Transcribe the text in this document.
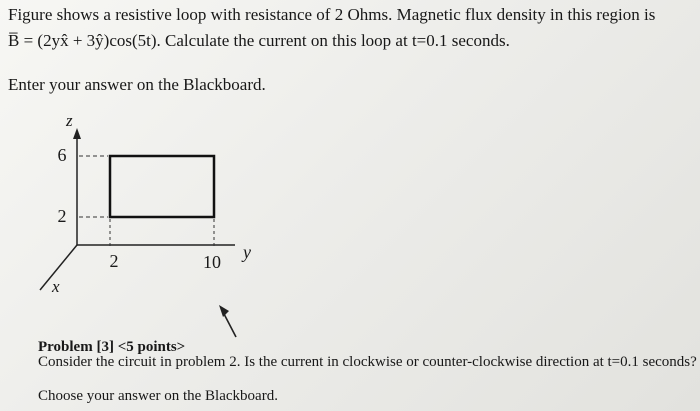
Figure shows a resistive loop with resistance of 2 Ohms. Magnetic flux density in this region is
B̅ = (2yx̂ + 3ŷ)cos(5t). Calculate the current on this loop at t=0.1 seconds.
Enter your answer on the Blackboard.
z
6
2
2	10 y
x
Problem [3] <5 points>
Consider the circuit in problem 2. Is the current in clockwise or counter-clockwise direction at t=0.1 seconds?
Choose your answer on the Blackboard.
